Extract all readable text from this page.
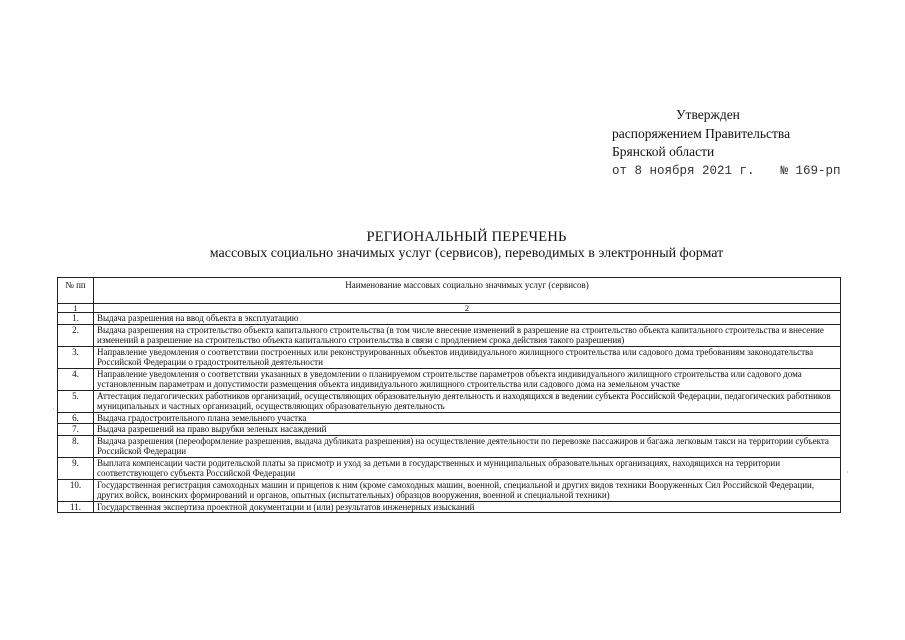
Утвержден
распоряжением Правительства
Брянской области
от 8 ноября 2021 г. № 169-рп
РЕГИОНАЛЬНЫЙ ПЕРЕЧЕНЬ
массовых социально значимых услуг (сервисов), переводимых в электронный формат
№ пп	Наименование массовых социально значимых услуг (сервисов)
1	2
1.	Выдача разрешения на ввод объекта в эксплуатацию
2.	Выдача разрешения на строительство объекта капитального строительства (в том числе внесение изменений в разрешение на строительство объекта капитального строительства и внесение изменений в разрешение на строительство объекта капитального строительства в связи с продлением срока действия такого разрешения)
3.	Направление уведомления о соответствии построенных или реконструированных объектов индивидуального жилищного строительства или садового дома требованиям законодательства Российской Федерации о градостроительной деятельности
4.	Направление уведомления о соответствии указанных в уведомлении о планируемом строительстве параметров объекта индивидуального жилищного строительства или садового дома установленным параметрам и допустимости размещения объекта индивидуального жилищного строительства или садового дома на земельном участке
5.	Аттестация педагогических работников организаций, осуществляющих образовательную деятельность и находящихся в ведении субъекта Российской Федерации, педагогических работников муниципальных и частных организаций, осуществляющих образовательную деятельность
6.	Выдача градостроительного плана земельного участка
7.	Выдача разрешений на право вырубки зеленых насаждений
8.	Выдача разрешения (переоформление разрешения, выдача дубликата разрешения) на осуществление деятельности по перевозке пассажиров и багажа легковым такси на территории субъекта Российской Федерации
9.	Выплата компенсации части родительской платы за присмотр и уход за детьми в государственных и муниципальных образовательных организациях, находящихся на территории соответствующего субъекта Российской Федерации
10.	Государственная регистрация самоходных машин и прицепов к ним (кроме самоходных машин, военной, специальной и других видов техники Вооруженных Сил Российской Федерации, других войск, воинских формирований и органов, опытных (испытательных) образцов вооружения, военной и специальной техники)
11.	Государственная экспертиза проектной документации и (или) результатов инженерных изысканий
·
·
